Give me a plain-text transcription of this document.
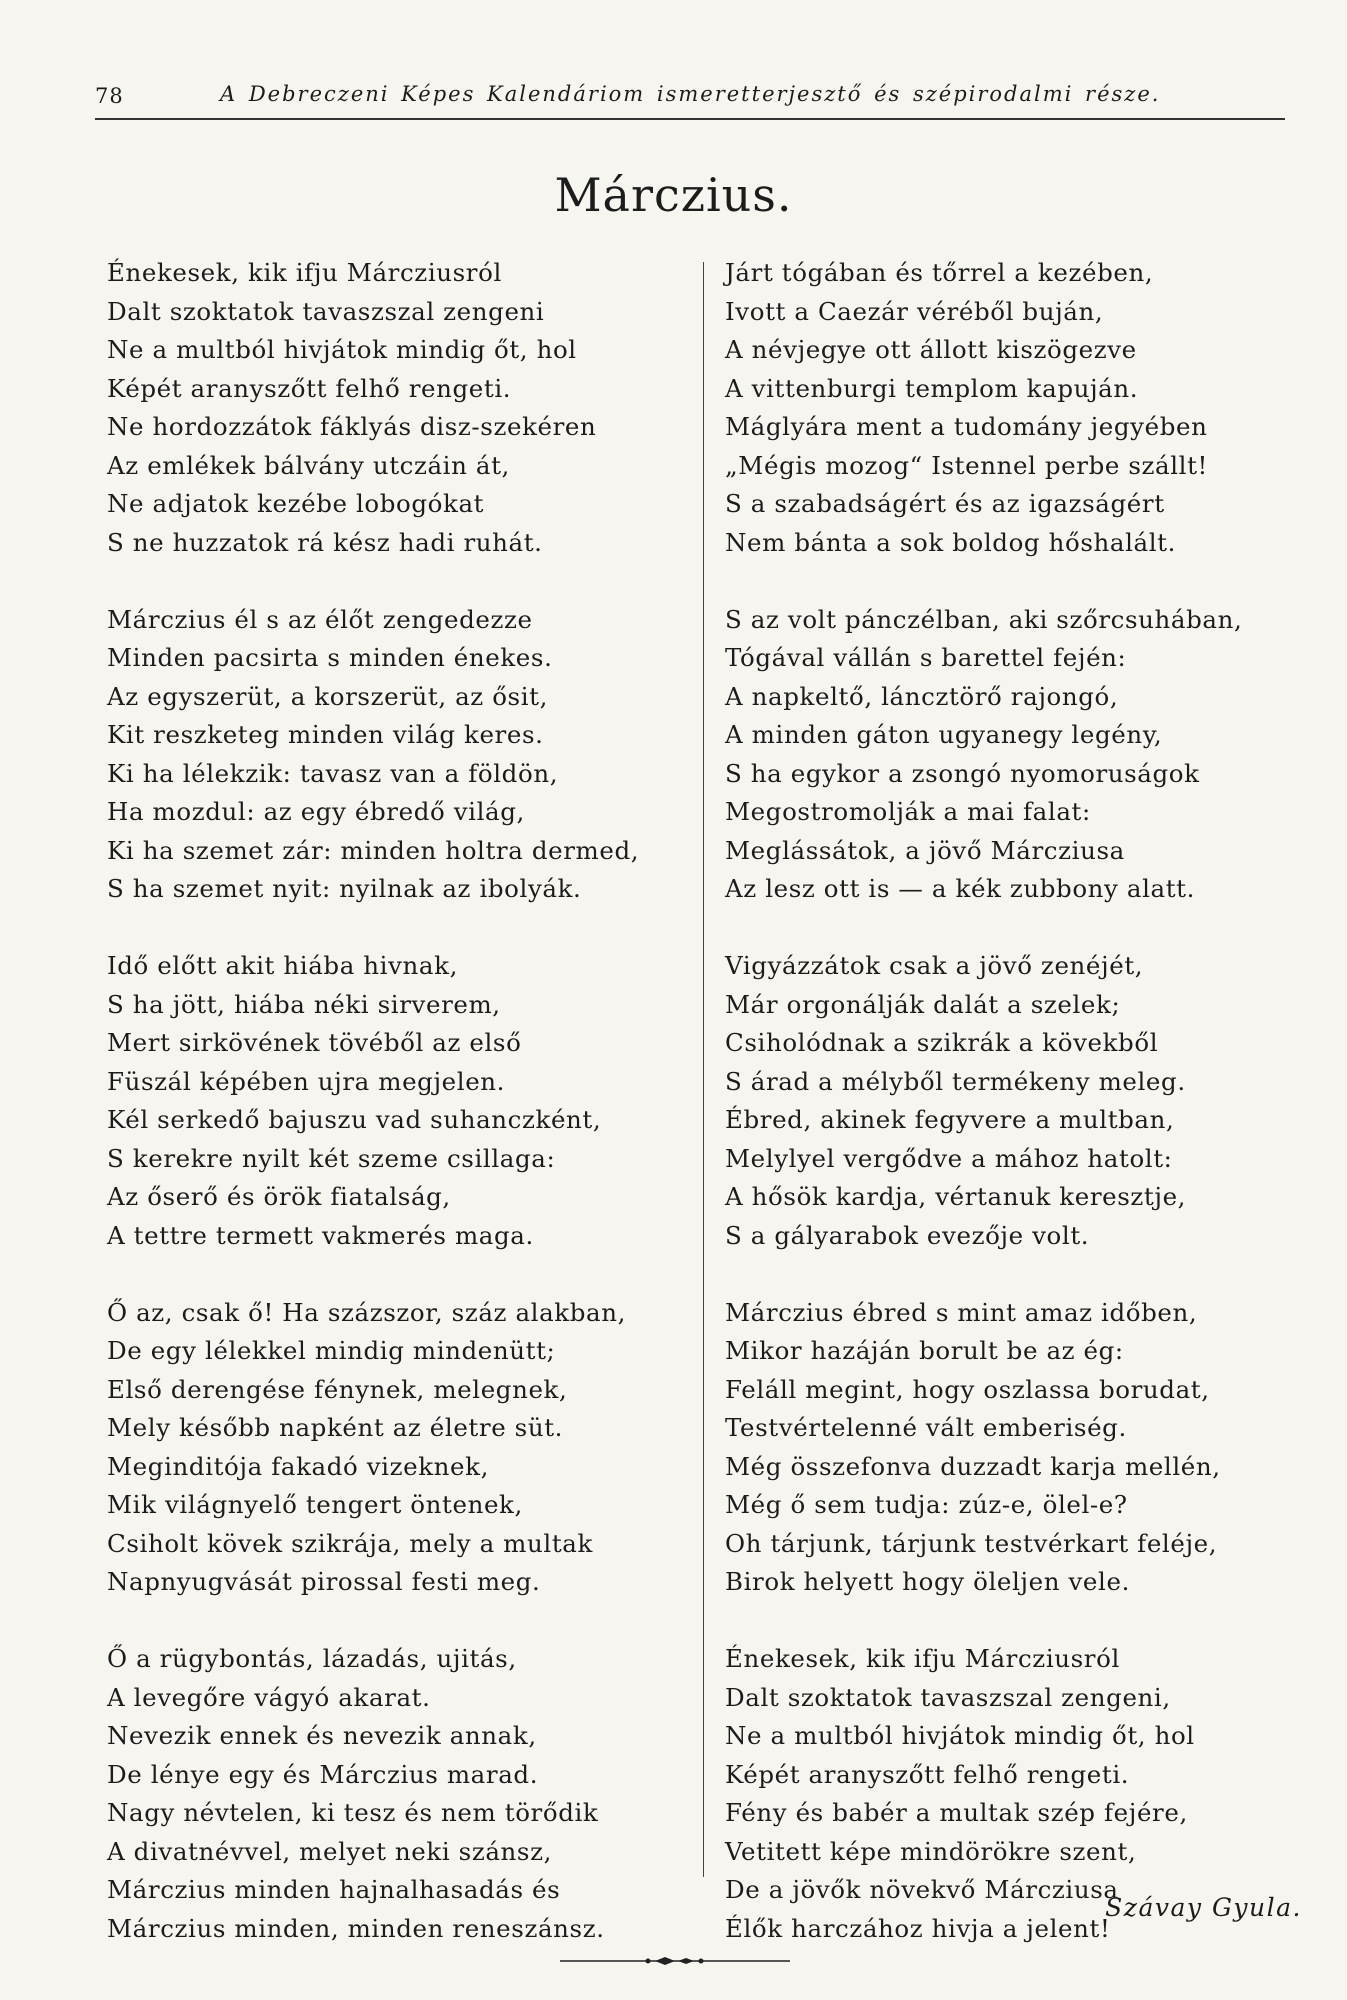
78	A Debreczeni Képes Kalendáriom ismeretterjesztő és szépirodalmi része.
Márczius.
Énekesek, kik ifju Márcziusról
Dalt szoktatok tavaszszal zengeni
Ne a multból hivjátok mindig őt, hol
Képét aranyszőtt felhő rengeti.
Ne hordozzátok fáklyás disz-szekéren
Az emlékek bálvány utczáin át,
Ne adjatok kezébe lobogókat
S ne huzzatok rá kész hadi ruhát.
Márczius él s az élőt zengedezze
Minden pacsirta s minden énekes.
Az egyszerüt, a korszerüt, az ősit,
Kit reszketeg minden világ keres.
Ki ha lélekzik: tavasz van a földön,
Ha mozdul: az egy ébredő világ,
Ki ha szemet zár: minden holtra dermed,
S ha szemet nyit: nyilnak az ibolyák.
Idő előtt akit hiába hivnak,
S ha jött, hiába néki sirverem,
Mert sirkövének tövéből az első
Füszál képében ujra megjelen.
Kél serkedő bajuszu vad suhanczként,
S kerekre nyilt két szeme csillaga:
Az őserő és örök fiatalság,
A tettre termett vakmerés maga.
Ő az, csak ő! Ha százszor, száz alakban,
De egy lélekkel mindig mindenütt;
Első derengése fénynek, melegnek,
Mely később napként az életre süt.
Meginditója fakadó vizeknek,
Mik világnyelő tengert öntenek,
Csiholt kövek szikrája, mely a multak
Napnyugvását pirossal festi meg.
Ő a rügybontás, lázadás, ujitás,
A levegőre vágyó akarat.
Nevezik ennek és nevezik annak,
De lénye egy és Márczius marad.
Nagy névtelen, ki tesz és nem törődik
A divatnévvel, melyet neki szánsz,
Márczius minden hajnalhasadás és
Márczius minden, minden reneszánsz.
Járt tógában és tőrrel a kezében,
Ivott a Caezár véréből buján,
A névjegye ott állott kiszögezve
A vittenburgi templom kapuján.
Máglyára ment a tudomány jegyében
„Mégis mozog“ Istennel perbe szállt!
S a szabadságért és az igazságért
Nem bánta a sok boldog hőshalált.
S az volt pánczélban, aki szőrcsuhában,
Tógával vállán s barettel fején:
A napkeltő, láncztörő rajongó,
A minden gáton ugyanegy legény,
S ha egykor a zsongó nyomoruságok
Megostromolják a mai falat:
Meglássátok, a jövő Márcziusa
Az lesz ott is — a kék zubbony alatt.
Vigyázzátok csak a jövő zenéjét,
Már orgonálják dalát a szelek;
Csiholódnak a szikrák a kövekből
S árad a mélyből termékeny meleg.
Ébred, akinek fegyvere a multban,
Melylyel vergődve a mához hatolt:
A hősök kardja, vértanuk keresztje,
S a gályarabok evezője volt.
Márczius ébred s mint amaz időben,
Mikor hazáján borult be az ég:
Feláll megint, hogy oszlassa borudat,
Testvértelenné vált emberiség.
Még összefonva duzzadt karja mellén,
Még ő sem tudja: zúz-e, ölel-e?
Oh tárjunk, tárjunk testvérkart feléje,
Birok helyett hogy öleljen vele.
Énekesek, kik ifju Márcziusról
Dalt szoktatok tavaszszal zengeni,
Ne a multból hivjátok mindig őt, hol
Képét aranyszőtt felhő rengeti.
Fény és babér a multak szép fejére,
Vetitett képe mindörökre szent,
De a jövők növekvő Márcziusa
Élők harczához hivja a jelent!
Szávay Gyula.
